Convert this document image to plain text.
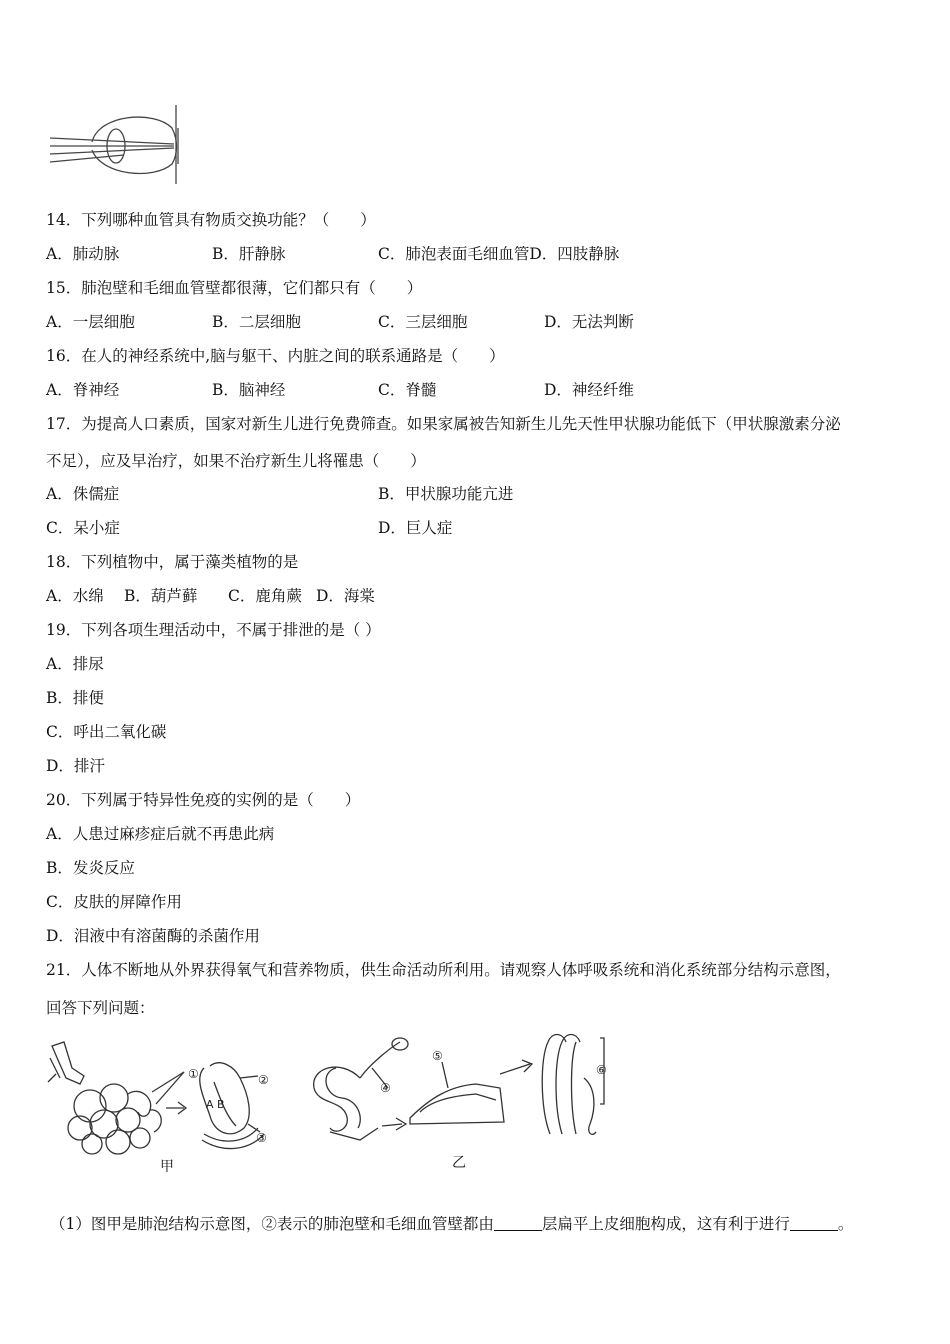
14．下列哪种血管具有物质交换功能？（　　）
A．肺动脉	B．肝静脉	C．肺泡表面毛细血管D．四肢静脉
15．肺泡壁和毛细血管壁都很薄，它们都只有（　　）
A．一层细胞	B．二层细胞	C．三层细胞	D．无法判断
16．在人的神经系统中,脑与躯干、内脏之间的联系通路是（　　）
A．脊神经	B．脑神经	C．脊髓	D．神经纤维
17．为提高人口素质，国家对新生儿进行免费筛查。如果家属被告知新生儿先天性甲状腺功能低下（甲状腺激素分泌
不足），应及早治疗，如果不治疗新生儿将罹患（　　）
A．侏儒症	B．甲状腺功能亢进
C．呆小症	D．巨人症
18．下列植物中，属于藻类植物的是
A．水绵 B．葫芦藓 C．鹿角蕨 D．海棠
19．下列各项生理活动中，不属于排泄的是（ ）
A．排尿
B．排便
C．呼出二氧化碳
D．排汗
20．下列属于特异性免疫的实例的是（　　）
A．人患过麻疹症后就不再患此病
B．发炎反应
C．皮肤的屏障作用
D．泪液中有溶菌酶的杀菌作用
21．人体不断地从外界获得氧气和营养物质，供生命活动所利用。请观察人体呼吸系统和消化系统部分结构示意图，
回答下列问题：
①	②
③
A B
甲
④
⑤
⑥
乙
（1）图甲是肺泡结构示意图，②表示的肺泡壁和毛细血管壁都由	层扁平上皮细胞构成，这有利于进行	。
